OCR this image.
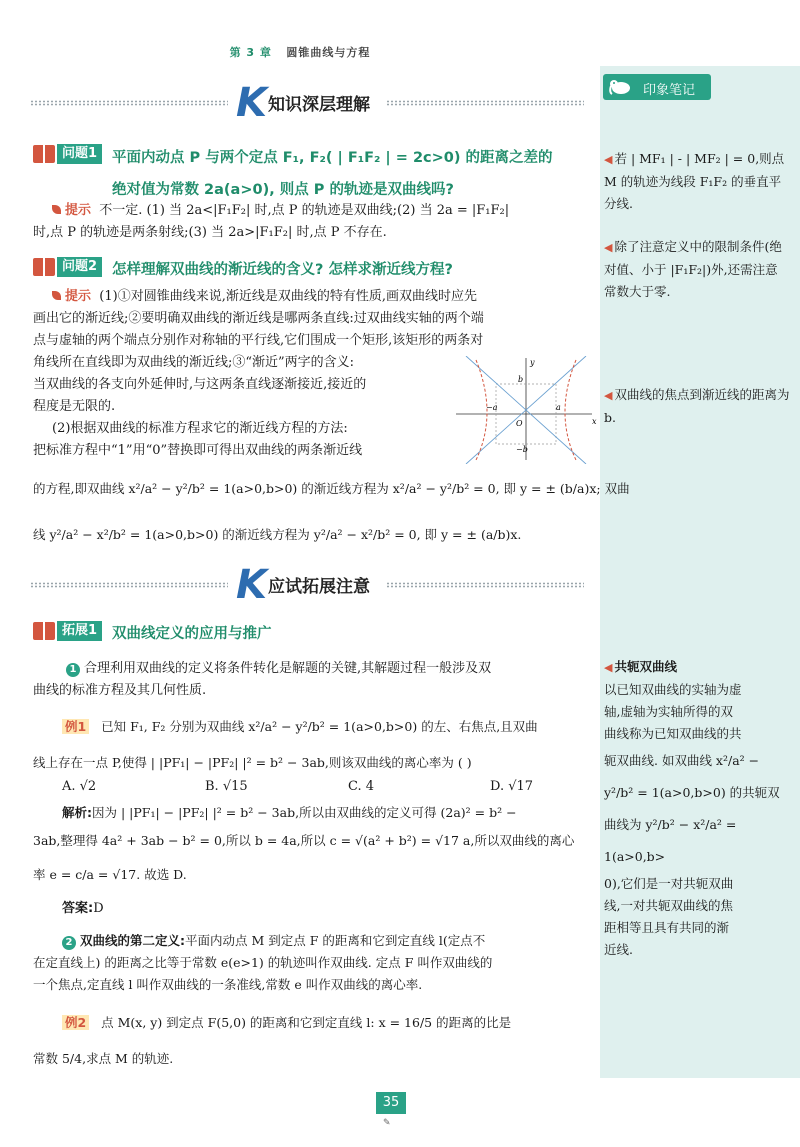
印象笔记
第 3 章 圆锥曲线与方程
K 知识深层理解
问题1	平面内动点 P 与两个定点 F₁, F₂( | F₁F₂ | = 2c>0) 的距离之差的
绝对值为常数 2a(a>0), 则点 P 的轨迹是双曲线吗?
提示 不一定. (1) 当 2a<|F₁F₂| 时,点 P 的轨迹是双曲线;(2) 当 2a = |F₁F₂|
时,点 P 的轨迹是两条射线;(3) 当 2a>|F₁F₂| 时,点 P 不存在.
问题2	怎样理解双曲线的渐近线的含义? 怎样求渐近线方程?
提示 (1)①对圆锥曲线来说,渐近线是双曲线的特有性质,画双曲线时应先
画出它的渐近线;②要明确双曲线的渐近线是哪两条直线:过双曲线实轴的两个端
点与虚轴的两个端点分别作对称轴的平行线,它们围成一个矩形,该矩形的两条对
角线所在直线即为双曲线的渐近线;③“渐近”两字的含义:
当双曲线的各支向外延伸时,与这两条直线逐渐接近,接近的
程度是无限的.
(2)根据双曲线的标准方程求它的渐近线方程的方法:
把标准方程中“1”用“0”替换即可得出双曲线的两条渐近线
的方程,即双曲线 x²/a² − y²/b² = 1(a>0,b>0) 的渐近线方程为 x²/a² − y²/b² = 0, 即 y = ± (b/a)x; 双曲
线 y²/a² − x²/b² = 1(a>0,b>0) 的渐近线方程为 y²/a² − x²/b² = 0, 即 y = ± (a/b)x.
y
x
b
−b
a
−a
O
K 应试拓展注意
拓展1	双曲线定义的应用与推广
1 合理利用双曲线的定义将条件转化是解题的关键,其解题过程一般涉及双
曲线的标准方程及其几何性质.
例1 已知 F₁, F₂ 分别为双曲线 x²/a² − y²/b² = 1(a>0,b>0) 的左、右焦点,且双曲
线上存在一点 P,使得 | |PF₁| − |PF₂| |² = b² − 3ab,则该双曲线的离心率为 ( )
A. √2	B. √15	C. 4	D. √17
解析:因为 | |PF₁| − |PF₂| |² = b² − 3ab,所以由双曲线的定义可得 (2a)² = b² −
3ab,整理得 4a² + 3ab − b² = 0,所以 b = 4a,所以 c = √(a² + b²) = √17 a,所以双曲线的离心
率 e = c/a = √17. 故选 D.
答案:D
2 双曲线的第二定义:平面内动点 M 到定点 F 的距离和它到定直线 l(定点不
在定直线上) 的距离之比等于常数 e(e>1) 的轨迹叫作双曲线. 定点 F 叫作双曲线的
一个焦点,定直线 l 叫作双曲线的一条准线,常数 e 叫作双曲线的离心率.
例2 点 M(x, y) 到定点 F(5,0) 的距离和它到定直线 l: x = 16/5 的距离的比是
常数 5/4,求点 M 的轨迹.
◀ 若 | MF₁ | - | MF₂ | = 0,则点 M 的轨迹为线段 F₁F₂ 的垂直平分线.
◀ 除了注意定义中的限制条件(绝对值、小于 |F₁F₂|)外,还需注意常数大于零.
◀ 双曲线的焦点到渐近线的距离为 b.
◀ 共轭双曲线
以已知双曲线的实轴为虚
轴,虚轴为实轴所得的双
曲线称为已知双曲线的共
轭双曲线. 如双曲线 x²/a² −
y²/b² = 1(a>0,b>0) 的共轭双
曲线为 y²/b² − x²/a² = 1(a>0,b>
0),它们是一对共轭双曲
线,一对共轭双曲线的焦
距相等且具有共同的渐
近线.
35
✎
